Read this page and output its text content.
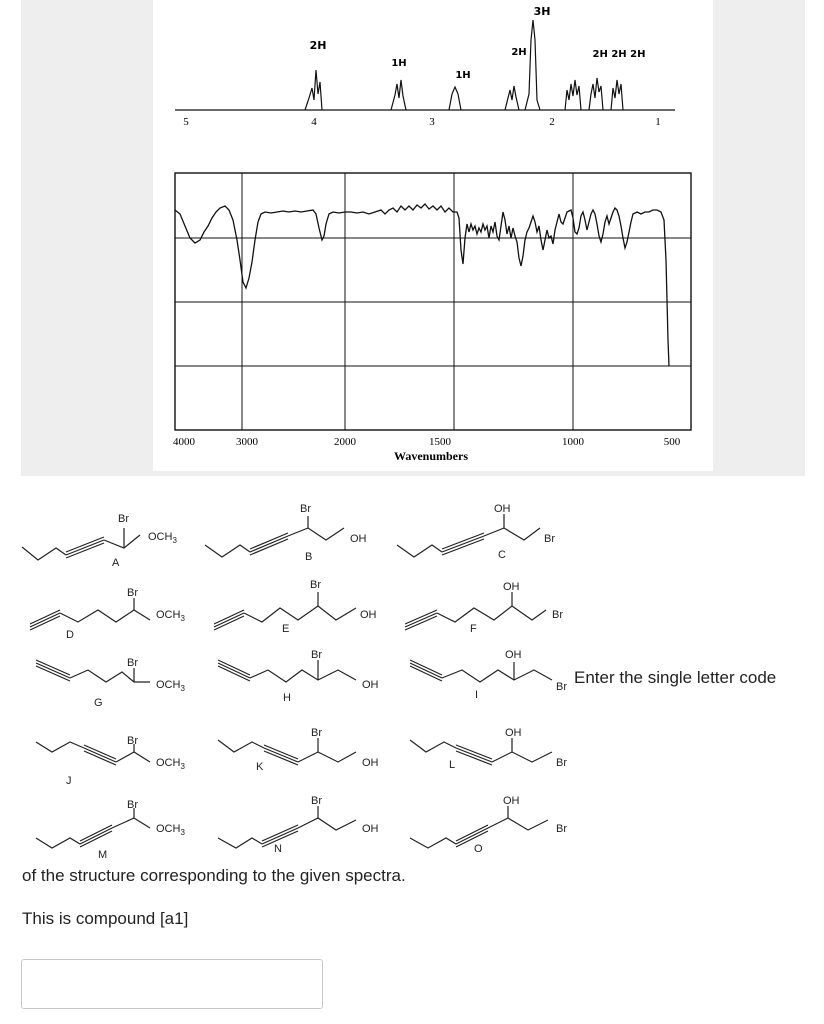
5	4	3	2	1
2H
1H
1H
2H
3H
2H 2H 2H
4000	3000	2000	1500	1000	500
Wavenumbers
Br
$OCH_3$
Br
OH
OH
Br
Br
$OCH_3$
Br
OH
OH
Br
Br
$OCH_3$
Br
OH
OH
Br
Br
$OCH_3$
Br
OH
OH
Br
Br
$OCH_3$
Br
OH
OH
Br
A	B	C
D	E	F
G	H	I
J
K	L
M	N	O
Enter the single letter code
of the structure corresponding to the given spectra.
This is compound [a1]
